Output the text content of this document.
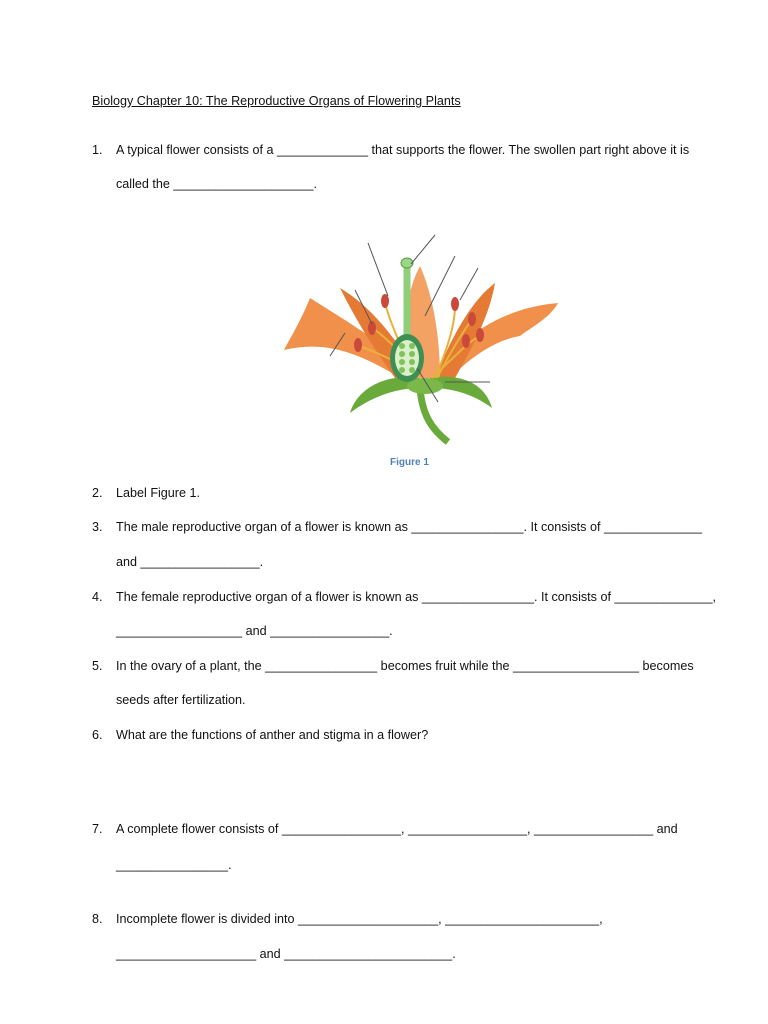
Biology Chapter 10: The Reproductive Organs of Flowering Plants
1. A typical flower consists of a _____________ that supports the flower. The swollen part right above it is
called the ____________________.
Figure 1
2. Label Figure 1.
3. The male reproductive organ of a flower is known as ________________. It consists of ______________
and _________________.
4. The female reproductive organ of a flower is known as ________________. It consists of ______________,
__________________ and _________________.
5. In the ovary of a plant, the ________________ becomes fruit while the __________________ becomes
seeds after fertilization.
6. What are the functions of anther and stigma in a flower?
7. A complete flower consists of _________________, _________________, _________________ and
________________.
8. Incomplete flower is divided into ____________________, ______________________,
____________________ and ________________________.
